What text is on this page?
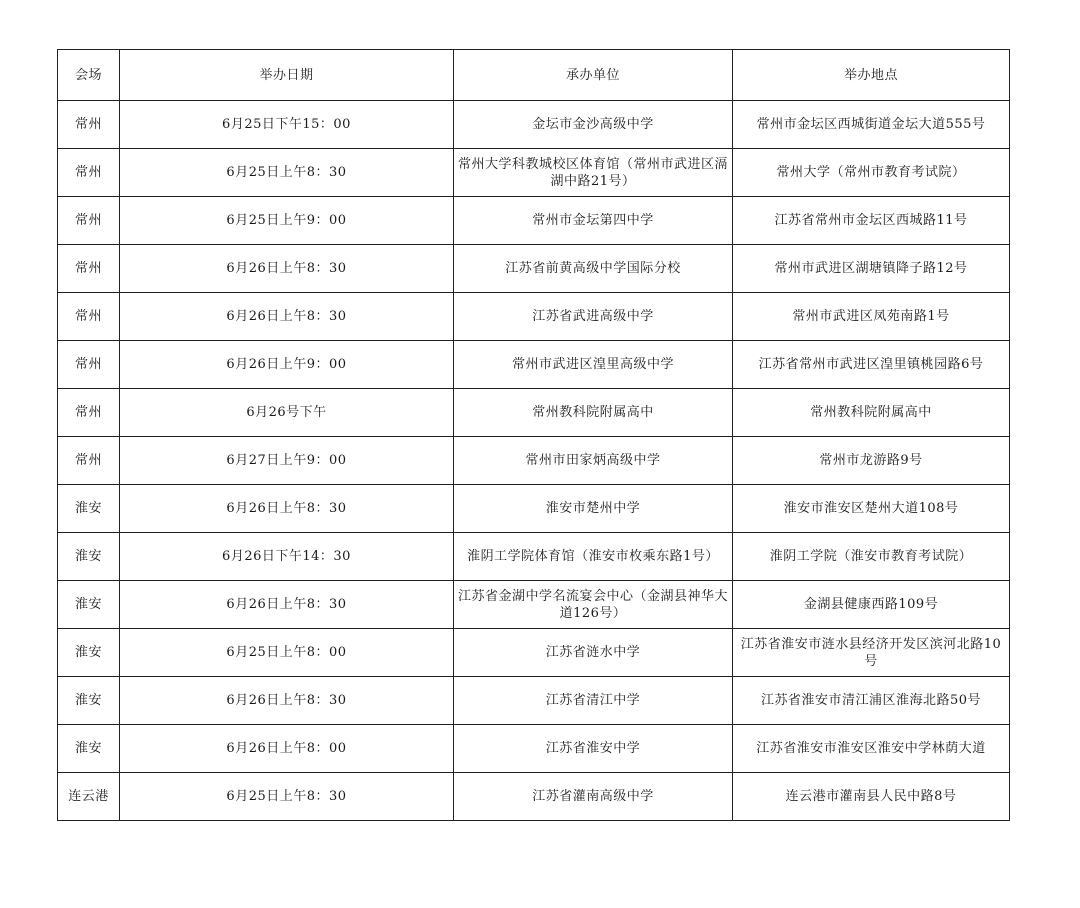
会场	举办日期	承办单位	举办地点
常州	6月25日下午15：00	金坛市金沙高级中学	常州市金坛区西城街道金坛大道555号
常州	6月25日上午8：30	常州大学科教城校区体育馆（常州市武进区滆湖中路21号）	常州大学（常州市教育考试院）
常州	6月25日上午9：00	常州市金坛第四中学	江苏省常州市金坛区西城路11号
常州	6月26日上午8：30	江苏省前黄高级中学国际分校	常州市武进区湖塘镇降子路12号
常州	6月26日上午8：30	江苏省武进高级中学	常州市武进区凤苑南路1号
常州	6月26日上午9：00	常州市武进区湟里高级中学	江苏省常州市武进区湟里镇桃园路6号
常州	6月26号下午	常州教科院附属高中	常州教科院附属高中
常州	6月27日上午9：00	常州市田家炳高级中学	常州市龙游路9号
淮安	6月26日上午8：30	淮安市楚州中学	淮安市淮安区楚州大道108号
淮安	6月26日下午14：30	淮阴工学院体育馆（淮安市枚乘东路1号）	淮阴工学院（淮安市教育考试院）
淮安	6月26日上午8：30	江苏省金湖中学名流宴会中心（金湖县神华大道126号）	金湖县健康西路109号
淮安	6月25日上午8：00	江苏省涟水中学	江苏省淮安市涟水县经济开发区滨河北路10号
淮安	6月26日上午8：30	江苏省清江中学	江苏省淮安市清江浦区淮海北路50号
淮安	6月26日上午8：00	江苏省淮安中学	江苏省淮安市淮安区淮安中学林荫大道
连云港	6月25日上午8：30	江苏省灌南高级中学	连云港市灌南县人民中路8号
